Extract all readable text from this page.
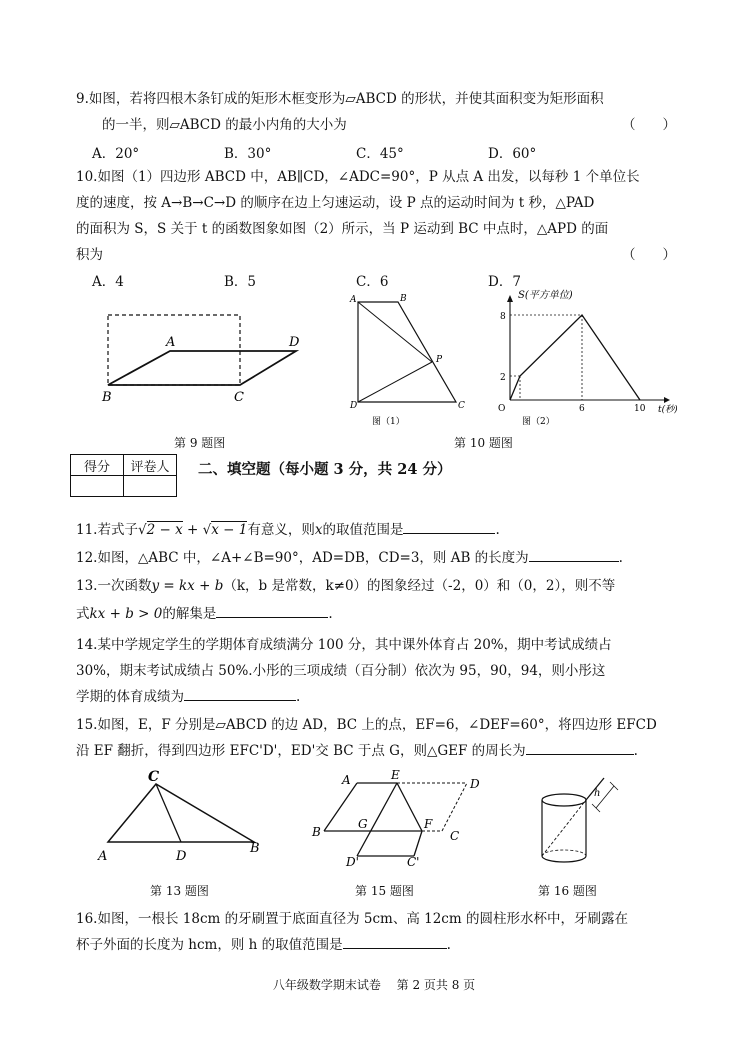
9.如图，若将四根木条钉成的矩形木框变形为▱ABCD 的形状，并使其面积变为矩形面积

的一半，则▱ABCD 的最小内角的大小为	（　　）

A．20°	B．30°	C．45°	D．60°

10.如图（1）四边形 ABCD 中，AB∥CD，∠ADC=90°，P 从点 A 出发，以每秒 1 个单位长

度的速度，按 A→B→C→D 的顺序在边上匀速运动，设 P 点的运动时间为 t 秒，△PAD

的面积为 S，S 关于 t 的函数图象如图（2）所示，当 P 运动到 BC 中点时，△APD 的面

积为	（　　）

A．4	B．5	C．6	D．7
A	D
B	C
第 9 题图
A	B
P
D	C
图（1）
S(平方单位)
t(秒)
8
2
O	6	10
图（2）
第 10 题图
得分	评卷人
	二、填空题（每小题 3 分，共 24 分）

11.若式子√2 − x + √x − 1有意义，则x的取值范围是	.

12.如图，△ABC 中，∠A+∠B=90°，AD=DB，CD=3，则 AB 的长度为	.

13.一次函数y = kx + b（k，b 是常数，k≠0）的图象经过（-2，0）和（0，2），则不等

式kx + b > 0的解集是	.

14.某中学规定学生的学期体育成绩满分 100 分，其中课外体育占 20%，期中考试成绩占

30%，期末考试成绩占 50%.小彤的三项成绩（百分制）依次为 95，90，94，则小彤这

学期的体育成绩为	.

15.如图，E，F 分别是▱ABCD 的边 AD，BC 上的点，EF=6，∠DEF=60°，将四边形 EFCD

沿 EF 翻折，得到四边形 EFC'D'，ED'交 BC 于点 G，则△GEF 的周长为	.

C
A	D
B
第 13 题图
A	E
D
B
G	F
C
D'	C'
第 15 题图
h
第 16 题图

16.如图，一根长 18cm 的牙刷置于底面直径为 5cm、高 12cm 的圆柱形水杯中，牙刷露在

杯子外面的长度为 hcm，则 h 的取值范围是	.

八年级数学期末试卷　 第 2 页共 8 页
